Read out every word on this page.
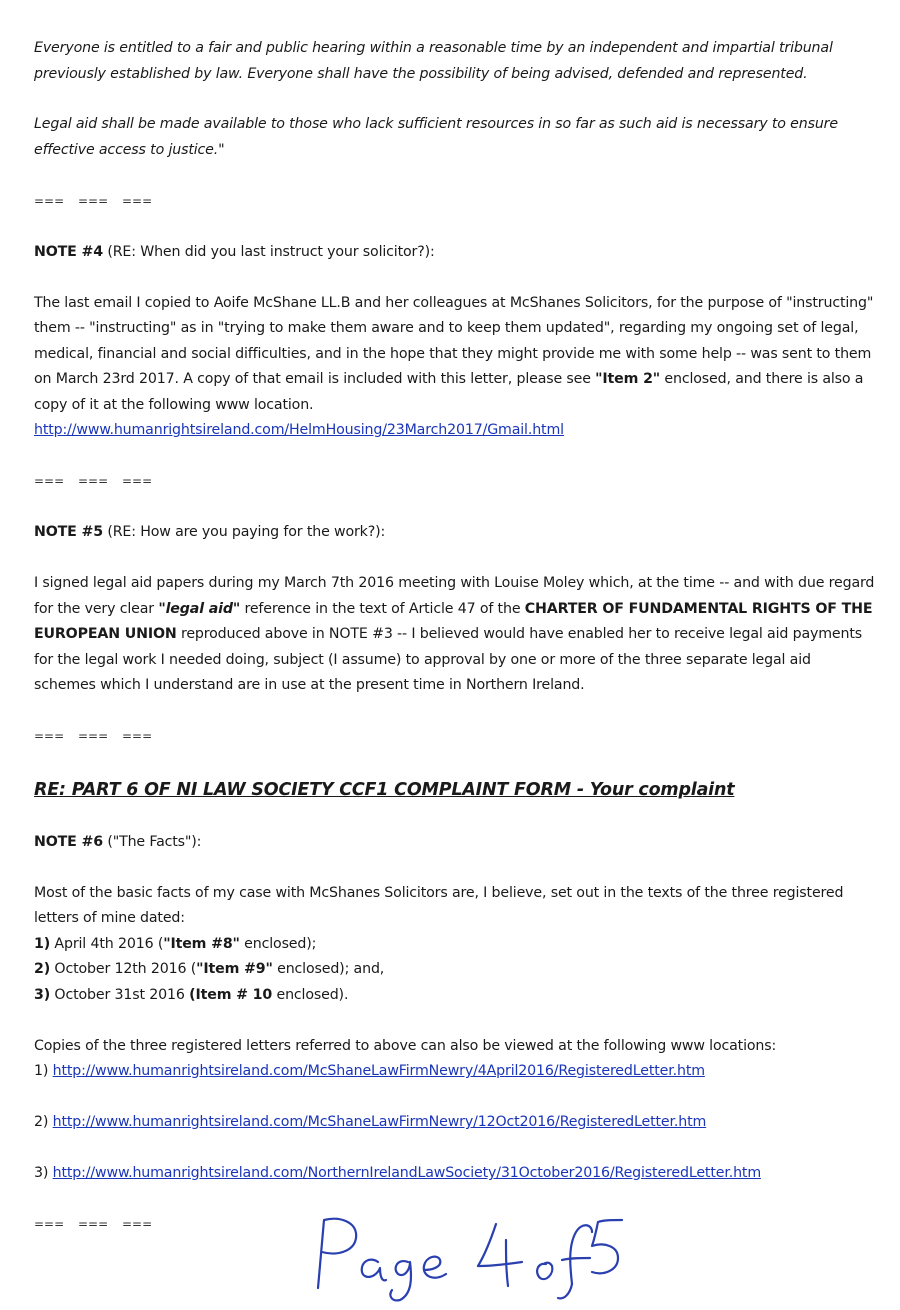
Everyone is entitled to a fair and public hearing within a reasonable time by an independent and impartial tribunal previously established by law. Everyone shall have the possibility of being advised, defended and represented.

Legal aid shall be made available to those who lack sufficient resources in so far as such aid is necessary to ensure effective access to justice."

=== === ===

NOTE #4 (RE: When did you last instruct your solicitor?):

The last email I copied to Aoife McShane LL.B and her colleagues at McShanes Solicitors, for the purpose of "instructing" them -- "instructing" as in "trying to make them aware and to keep them updated", regarding my ongoing set of legal, medical, financial and social difficulties, and in the hope that they might provide me with some help -- was sent to them on March 23rd 2017. A copy of that email is included with this letter, please see "Item 2" enclosed, and there is also a copy of it at the following www location.

http://www.humanrightsireland.com/HelmHousing/23March2017/Gmail.html

=== === ===

NOTE #5 (RE: How are you paying for the work?):

I signed legal aid papers during my March 7th 2016 meeting with Louise Moley which, at the time -- and with due regard for the very clear "legal aid" reference in the text of Article 47 of the CHARTER OF FUNDAMENTAL RIGHTS OF THE EUROPEAN UNION reproduced above in NOTE #3 -- I believed would have enabled her to receive legal aid payments for the legal work I needed doing, subject (I assume) to approval by one or more of the three separate legal aid schemes which I understand are in use at the present time in Northern Ireland.

=== === ===

RE: PART 6 OF NI LAW SOCIETY CCF1 COMPLAINT FORM - Your complaint

NOTE #6 ("The Facts"):

Most of the basic facts of my case with McShanes Solicitors are, I believe, set out in the texts of the three registered letters of mine dated:

1) April 4th 2016 ("Item #8" enclosed);

2) October 12th 2016 ("Item #9" enclosed); and,

3) October 31st 2016 (Item # 10 enclosed).

Copies of the three registered letters referred to above can also be viewed at the following www locations:

1) http://www.humanrightsireland.com/McShaneLawFirmNewry/4April2016/RegisteredLetter.htm

2) http://www.humanrightsireland.com/McShaneLawFirmNewry/12Oct2016/RegisteredLetter.htm

3) http://www.humanrightsireland.com/NorthernIrelandLawSociety/31October2016/RegisteredLetter.htm

=== === ===
